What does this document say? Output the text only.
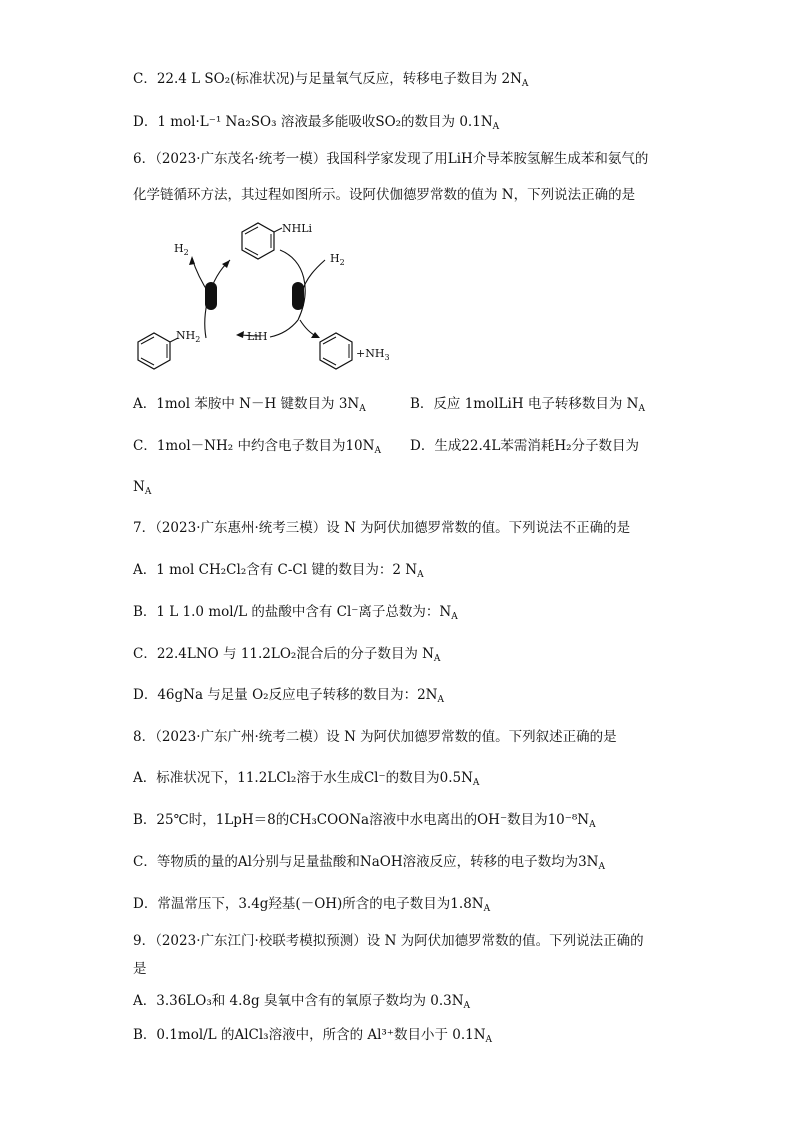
C．22.4 L SO₂(标准状况)与足量氧气反应，转移电子数目为 $2N_A$
D．1 mol·L⁻¹ Na₂SO₃ 溶液最多能吸收SO₂的数目为 $0.1N_A$
6．（2023·广东茂名·统考一模）我国科学家发现了用LiH介导苯胺氢解生成苯和氨气的
化学链循环方法，其过程如图所示。设阿伏伽德罗常数的值为 N，下列说法正确的是
NHLi
$H_2$	$H_2$
LiH
$NH_2$
$+NH_3$
A．1mol 苯胺中 N－H 键数目为 $3N_A$	B．反应 1molLiH 电子转移数目为 $N_A$
C．1mol－NH₂ 中约含电子数目为$10N_A$ D．生成22.4L苯需消耗H₂分子数目为
$N_A$
7．（2023·广东惠州·统考三模）设 N 为阿伏加德罗常数的值。下列说法不正确的是
A．1 mol CH₂Cl₂含有 C-Cl 键的数目为：2 $N_A$
B．1 L 1.0 mol/L 的盐酸中含有 Cl⁻离子总数为：$N_A$
C．22.4LNO 与 11.2LO₂混合后的分子数目为 $N_A$
D．46gNa 与足量 O₂反应电子转移的数目为：$2N_A$
8．（2023·广东广州·统考二模）设 N 为阿伏加德罗常数的值。下列叙述正确的是
A．标准状况下，11.2LCl₂溶于水生成Cl⁻的数目为$0.5N_A$
B．25℃时，1LpH＝8的CH₃COONa溶液中水电离出的OH⁻数目为$10^{-8}N_A$
C．等物质的量的Al分别与足量盐酸和NaOH溶液反应，转移的电子数均为$3N_A$
D．常温常压下，3.4g羟基(－OH)所含的电子数目为$1.8N_A$
9．（2023·广东江门·校联考模拟预测）设 N 为阿伏加德罗常数的值。下列说法正确的
是
A．3.36LO₃和 4.8g 臭氧中含有的氧原子数均为 $0.3N_A$
B．0.1mol/L 的AlCl₃溶液中，所含的 Al³⁺数目小于 $0.1N_A$
